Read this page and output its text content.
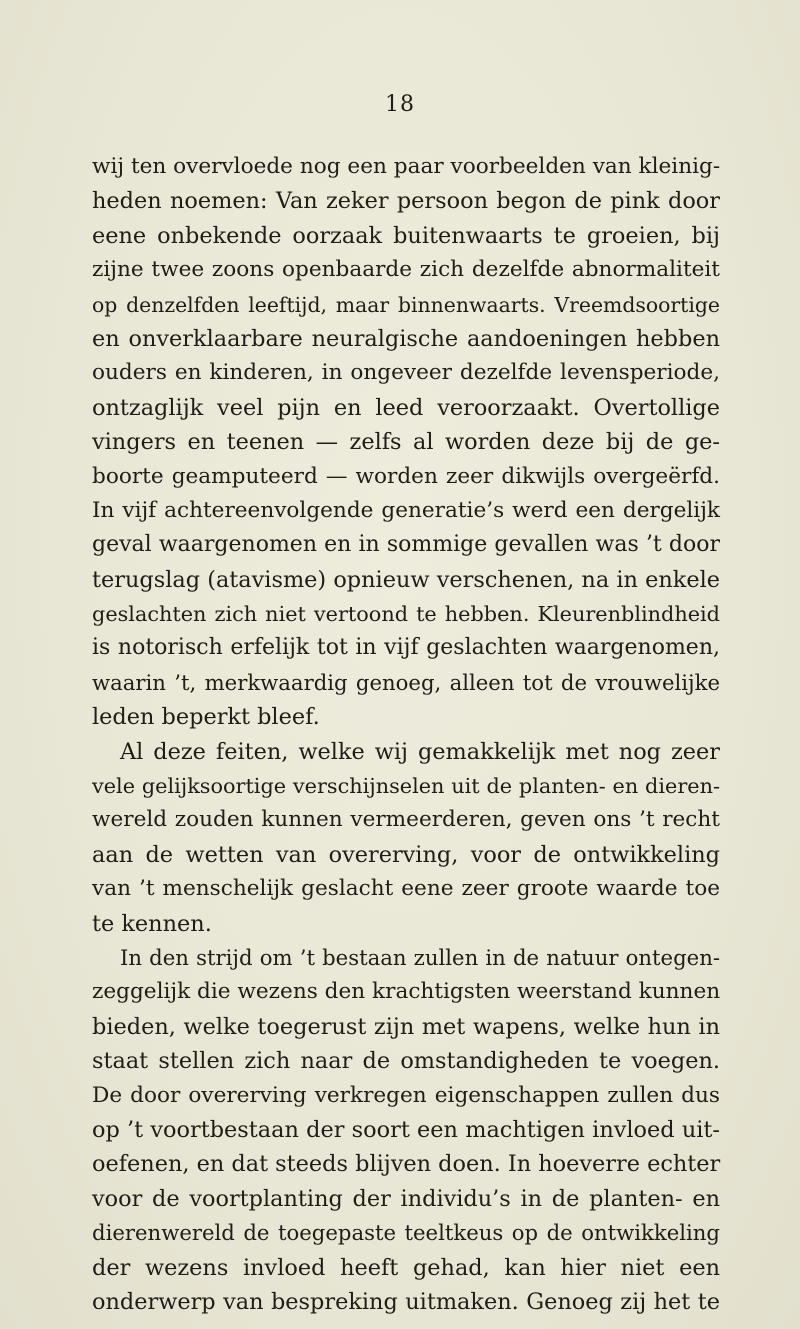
18
wij ten overvloede nog een paar voorbeelden van kleinig-
heden noemen: Van zeker persoon begon de pink door
eene onbekende oorzaak buitenwaarts te groeien, bij
zijne twee zoons openbaarde zich dezelfde abnormaliteit
op denzelfden leeftijd, maar binnenwaarts. Vreemdsoortige
en onverklaarbare neuralgische aandoeningen hebben
ouders en kinderen, in ongeveer dezelfde levensperiode,
ontzaglijk veel pijn en leed veroorzaakt. Overtollige
vingers en teenen — zelfs al worden deze bij de ge-
boorte geamputeerd — worden zeer dikwijls overgeërfd.
In vijf achtereenvolgende generatie’s werd een dergelijk
geval waargenomen en in sommige gevallen was ’t door
terugslag (atavisme) opnieuw verschenen, na in enkele
geslachten zich niet vertoond te hebben. Kleurenblindheid
is notorisch erfelijk tot in vijf geslachten waargenomen,
waarin ’t, merkwaardig genoeg, alleen tot de vrouwelijke
leden beperkt bleef.
Al deze feiten, welke wij gemakkelijk met nog zeer
vele gelijksoortige verschijnselen uit de planten- en dieren-
wereld zouden kunnen vermeerderen, geven ons ’t recht
aan de wetten van overerving, voor de ontwikkeling
van ’t menschelijk geslacht eene zeer groote waarde toe
te kennen.
In den strijd om ’t bestaan zullen in de natuur ontegen-
zeggelijk die wezens den krachtigsten weerstand kunnen
bieden, welke toegerust zijn met wapens, welke hun in
staat stellen zich naar de omstandigheden te voegen.
De door overerving verkregen eigenschappen zullen dus
op ’t voortbestaan der soort een machtigen invloed uit-
oefenen, en dat steeds blijven doen. In hoeverre echter
voor de voortplanting der individu’s in de planten- en
dierenwereld de toegepaste teeltkeus op de ontwikkeling
der wezens invloed heeft gehad, kan hier niet een
onderwerp van bespreking uitmaken. Genoeg zij het te
